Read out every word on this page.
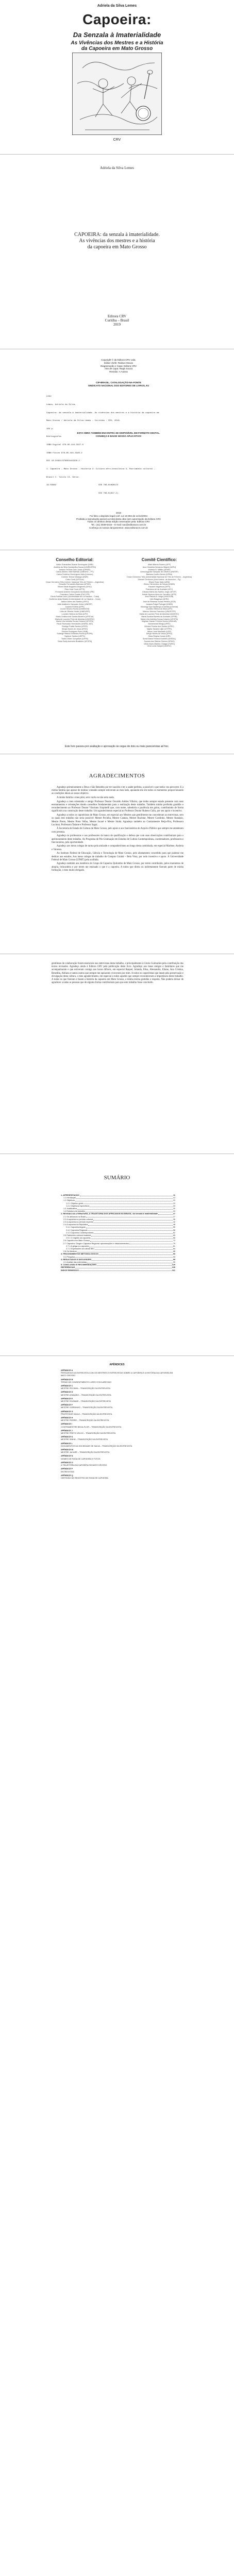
Adriela da Silva Lemes
Capoeira:
Da Senzala à Imaterialidade
As Vivências dos Mestres e a História
da Capoeira em Mato Grosso
CRV
Adriela da Silva Lemes
CAPOEIRA: da senzala à imaterialidade.
As vivências dos mestres e a história
da capoeira em Mato Grosso
Editora CRV
Curitiba – Brasil
2019
Copyright © da Editora CRV Ltda.
Editor-chefe: Railson Moura
Diagramação e Capa: Editora CRV
Arte de Capa: Regis Souza
Revisão: A Autora
CIP-BRASIL. CATALOGAÇÃO-NA-FONTE
SINDICATO NACIONAL DOS EDITORES DE LIVROS, RJ

L552

Lemes, Adriela da Silva.

Capoeira: da senzala à imaterialidade. As vivências dos mestres e a história da capoeira em

Mato Grosso / Adriela da Silva Lemes – Curitiba : CRV, 2019.

164 p.

Bibliografia

ISBN Digital 978-85-444-3327-5

ISBN Físico 978-85-444-3328-2

DOI 10.24824/978854443328.2

1. Capoeira – Mato Grosso – História 2. Cultura afro-brasileira 3. Patrimônio cultural –

Brasil I. Título II. Série.

19-55962                                  CDD 796.81098172

CDU 796.8(817.2)

ESTA OBRA TAMBÉM ENCONTRA-SE DISPONÍVEL EM FORMATO DIGITAL.
CONHEÇA E BAIXE NOSSO APLICATIVO!
2019
Foi feito o depósito legal conf. Lei 10.994 de 14/12/2004
Proibida a reprodução parcial ou total desta obra sem autorização da Editora CRV
Todos os direitos desta edição reservados pela: Editora CRV
Tel.: (41) 3039-6418 – E-mail: sac@editoracrv.com.br
Conheça os nossos lançamentos: www.editoracrv.com.br
Conselho Editorial:
Aldira Guimarães Duarte Domínguez (UNB)
Andréia da Silva Quintanilha Sousa (UNIR/UFRN)
Antônio Pereira Gaio Júnior (UFRRJ)
Carlos Alberto Vilar Estêvão (UMINHO – PT)
Carlos Federico Domínguez Avila (Unieuro)
Carmen Tereza Velanga (UNIR)
Celso Conti (UFSCar)
Cesar Gerónimo Tello (Univer. Nacional Três de Febrero – Argentina)
Eduardo Fernandes Barbosa (UFMG)
Elione Maria Nogueira Diogenes (UFAL)
Élsio José Corá (UFFS)
Fernando Antônio Gonçalves Alcoforado (IPB)
Francisco Carlos Duarte (PUC-PR)
Gloria Fariñas León (Universidade de La Havana – Cuba)
Guillermo Arias Beatón (Universidade de La Havana – Cuba)
Jailson Alves dos Santos (UFRJ)
João Adalberto Campato Junior (UNESP)
Josania Portela (UFPI)
Leonel Severo Rocha (UNISINOS)
Lídia de Oliveira Xavier (UNIEURO)
Lourdes Helena da Silva (UFV)
Maria Cristina dos Santos Bezerra (UFSCar)
Maria de Lourdes Pinto de Almeida (UNOESC)
Maria Lília Imbiriba Sousa Colares (UFOPA)
Paulo Romualdo Hernandes (UNIFAL-MG)
Rodrigo Pratte-Santos (UFES)
Sérgio Nunes de Jesus (IFRO)
Simone Rodrigues Pinto (UNB)
Solange Helena Ximenes-Rocha (UFOPA)
Sydione Santos (UEPG)
Tadeu Oliver Gonçalves (UFPA)
Tania Suely Azevedo Brasileiro (UFOPA)
Comitê Científico:
Altair Alberto Fávero (UPF)
Ana Chrystina Venancio Mignot (UERJ)
Andréia N. Militão (UEMS)
Anna Augusta Sampaio de Oliveira (UNESP)
Barbara Coelho Neves (UFBA)
Cesar Gerónimo Tello (Universidad Nacional de Três de Febrero – Argentina)
Diosnel Centurion (Univ Americ. de Asunción – Py)
Eliane Rose Maio (UEM)
Elizeu Clementino de Souza (UNEB)
Fauston Negreiros (UFPI)
Francisco Ari de Andrade (UFC)
Gláucia Maria dos Santos Jorge (UFOP)
Helder Buenos Aires de Carvalho (UFPI)
Ilma Passos A. Veiga (UNICEUB)
Inês Bragança (UERJ)
José de Ribamar Sousa Pereira (UCB)
Jussara Fraga Portugal (UNEB)
Kilwangy Kya Kapitango-a-Samba (Unemat)
Lourdes Helena da Silva (UFV)
Marcos Vinicius Francisco (UNOESTE)
Maria de Lourdes Pinto de Almeida (UNOESC)
Maria Eurácia Barreto de Andrade (UFRB)
Maria Lília Imbiriba Sousa Colares (UFOPA)
Míghian Danae Ferreira Nunes (UNILAB)
Mohammed Elhajji (UFRJ)
Mônica Pereira dos Santos (UFRJ)
Najela Tavares Ujiie (UTFPR)
Nilson José Machado (USP)
Sérgio Nunes de Jesus (IFRO)
Silvia Regina Canan (URI)
Sonia Maria Ferreira Koehler (UNISAL)
Suzana dos Santos Gomes (UFMG)
Vânia Alves Martins Chaigar (FURG)
Vera Lucia Gaspar (UDESC)
Este livro passou por avaliação e aprovação às cegas de dois ou mais pareceristas ad hoc.
AGRADECIMENTOS

Agradeço primeiramente a Deus e São Benedito por ter nascido e ter a saúde perfeita, a possível o que tenho vou percorrer. E à minha família que apesar de minhas vontades sempre estiveram ao meu lado, apoiando-me em todos os momentos proporcionando as condições ideais ao nosso objetivo.

A minha família o meu pilar, sem vocês eu não seria nada.

Agradeço a meu orientador e amigo Professor Doutor Osvaldo Arêdes Villalva, que tenho sempre estado presente com seus ensinamentos e orientações dando conselhos fundamentais para a realização deste trabalho. Também minha profunda gratidão e reconhecimento ao Professor Doutor Vitoriano Scapinelli que, com nome, sabedoria e paciência me guiou, contribuindo de forma significativa na construção deste trabalho. Um agradecimento especial ao Professor Doutor Rubens Caliu, por seu apoio e incentivo.

Agradeço a todos os capoeiristas de Mato Grosso, em especial aos Mestres que gentilmente me concederam as entrevistas, sem os quais este trabalho não seria possível: Mestre Pecinha, Mestre Catatau, Mestre Rozimar, Mestre Gordinho, Mestre Atanásio, Mestre Pierre, Mestre Preto Velho, Mestre Jacaré e Mestre Sinhá. Agradeço também ao Contramestre Beija-Flor, Professora Lucimar, Professora Tatiane e Professor Sagui.

À Secretaria de Estado de Cultura de Mato Grosso, pelo apoio e aos funcionários do Arquivo Público que sempre me atenderam com presteza.

Agradeço às professoras e aos professores da banca de qualificação e defesa que com suas observações contribuíram para o aprimoramento deste trabalho. Ao Programa de Pós-Graduação em Estudos de Cultura Contemporânea, coordenadores, professores e funcionários, pela oportunidade.

Agradeço aos meus colegas de turma pela amizade e companheirismo ao longo desta caminhada, em especial Marlene, Andreia e Vanessa.

Ao Instituto Federal de Educação, Ciência e Tecnologia de Mato Grosso, pelo afastamento concedido para que pudesse me dedicar aos estudos. Aos meus colegas de trabalho do Campus Cuiabá – Bela Vista, por todo incentivo e apoio. À Universidade Federal de Mato Grosso (UFMT) pela acolhida.

Agradeço também aos membros do Grupo de Capoeira Quilombo de Mato Grosso, por terem contribuído, pelos momentos de alegria, brincadeira e por terem me ensinado o que é a capoeira. A todos que direta ou indiretamente fizeram parte de minha formação, o meu muito obrigado.

gentilezas de colaboração foram essenciais nas entrevistas desta trabalho, e principalmente à Gloria Guimarães pela contribuição dos textos revisados. Agradeço ainda à Editora CRV pela publicação deste livro. Agradeço aos meus amigos e familiares que me acompanharam e que estiveram comigo nas horas difíceis, em especial Raquel, Iolanda, Elisa, Alessandra, Eliane, Ana Cristina, Benedita, Adriana e tantos outros que sempre me apoiaram e torceram por mim. A todos os capoeiristas que lutam pela preservação e divulgação desta cultura, o meu agradecimento, em especial a todos aqueles que sempre reconheceram a importância deste trabalho. A todos os que fizeram e fazem a história da capoeira em Mato Grosso, a minha eterna gratidão e respeito. Não poderia deixar de agradecer a todas as pessoas que de alguma forma contribuíram para que este trabalho fosse concluído.

SUMÁRIO
1. APRESENTAÇÃO	11
1.1 Introdução	13
1.2 Objetivos	19
1.2.1 Objetivo geral	19
1.2.2 Objetivos específicos	19
1.3 Justificativa	20
1.4 Estrutura do trabalho	24
2. REVISÃO DA LITERATURA, A TRAJETÓRIA DOS AFRICANOS NO BRASIL, da senzala à imaterialidade	27
2.1 Os africanos no Brasil	27
2.2 A capoeira no período colonial	35
2.3 A capoeira no período imperial	42
2.4 A capoeira na República	48
2.4.1 Capoeira Angola	55
2.4.2 Capoeira Regional	58
2.4.3 Capoeira Contemporânea	62
2.5 Patrimônio cultural imaterial	65
2.5.1 O registro da capoeira	68
2.6 Capoeira em Mato Grosso	72
2.7 Capoeira: Ginga e Capoeira Regional: aproximações e distanciamentos	79
2.7.1 A ginga e a capoeira	81
2.7.2 Expressões da cultura afro	84
2.8 Os Mestres	88
3. PROCEDIMENTOS METODOLÓGICOS	93
3.1 Pesquisa	93
4. RESULTADOS E DISCUSSÕES	99
4.1 Análise das entrevistas	99
5. CONCLUSÃO E RECOMENDAÇÕES	129
REFERÊNCIAS	135
ÍNDICE REMISSIVO	161
APÊNDICES
APÊNDICE A
PERGUNTAS DA ENTREVISTA COM OS MESTRES E ENTREVISTAS SOBRE A CAPOEIRA E A HISTÓRIA DA CAPOEIRA EM MATO GROSSO
APÊNDICE B
TERMO DE CONSENTIMENTO LIVRE E ESCLARECIDO
APÊNDICE C
MESTRE PECINHA – TRANSCRIÇÃO DA ENTREVISTA
APÊNDICE D
MESTRE ATANÁSIO – TRANSCRIÇÃO DA ENTREVISTA
APÊNDICE E
MESTRE ROZIMAR – TRANSCRIÇÃO DA ENTREVISTA
APÊNDICE F
MESTRE GORDINHO – TRANSCRIÇÃO DA ENTREVISTA
APÊNDICE G
PROFESSOR SAGUI – TRANSCRIÇÃO DA ENTREVISTA
APÊNDICE H
MESTRE PIERRE – TRANSCRIÇÃO DA ENTREVISTA
APÊNDICE I
CONTRAMESTRE BEIJA-FLOR – TRANSCRIÇÃO DA ENTREVISTA
APÊNDICE J
MESTRE PRETO VELHO – TRANSCRIÇÃO DA ENTREVISTA
APÊNDICE K
MESTRE SINHÁ – TRANSCRIÇÃO DA ENTREVISTA
APÊNDICE L
DOCUMENTOS DA SOCIEDADE DE SALVA – TRANSCRIÇÃO DA ENTREVISTA
APÊNDICE M
MESTRE JACARÉ – TRANSCRIÇÃO DA ENTREVISTA
APÊNDICE N
NOMES DE RODA DE CAPOEIRA E FOTOS
APÊNDICE O
A TRAJETÓRIA DA CAPOEIRA EM MATO GROSSO
APÊNDICE P
ENTREVISTAS
APÊNDICE Q
CERTIDÃO DE REGISTRO DE RODA DE CAPOEIRA
